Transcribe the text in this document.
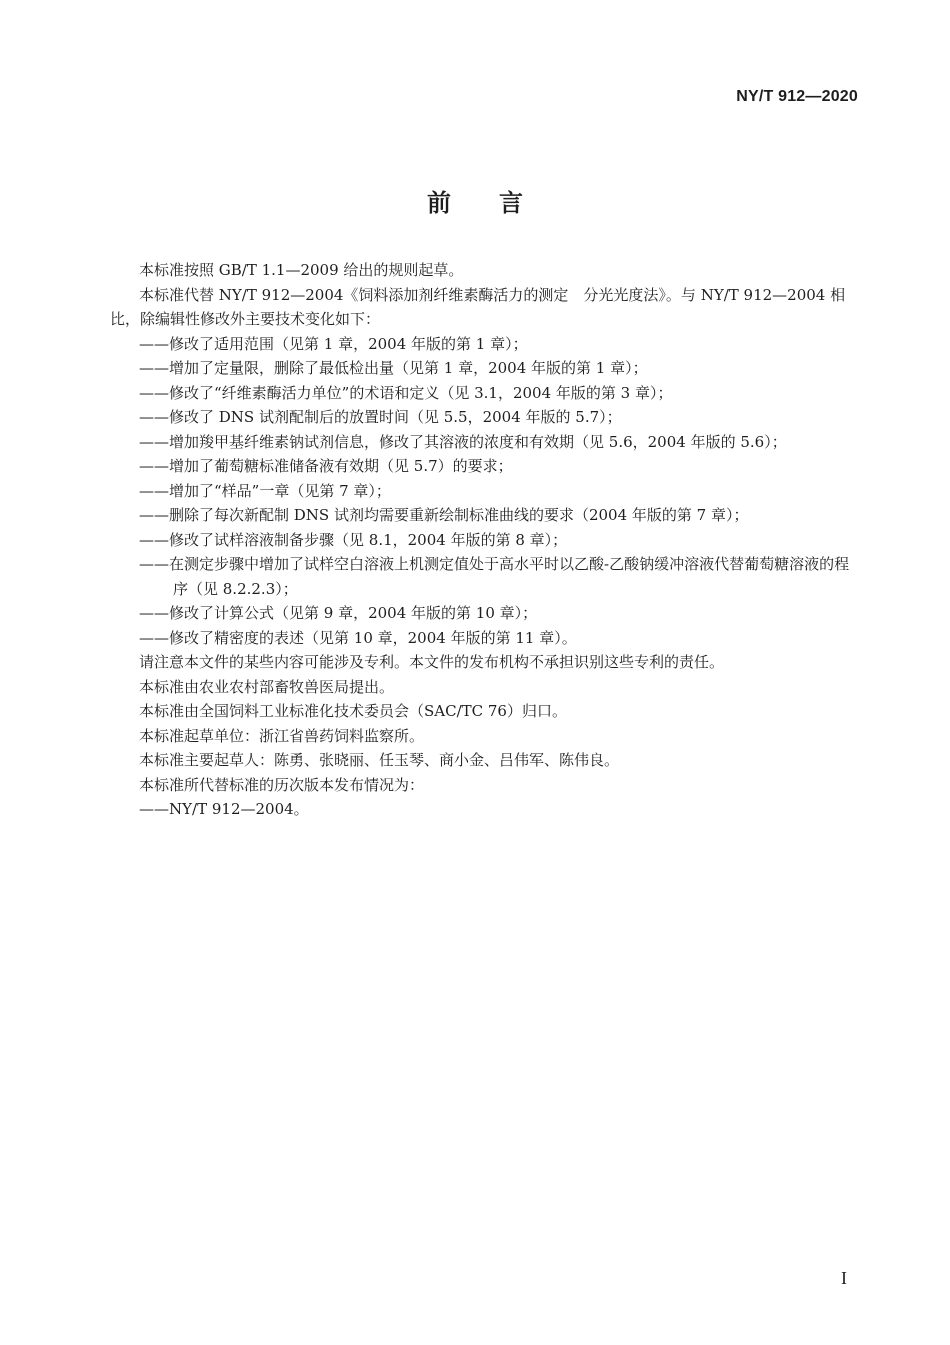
NY/T 912—2020
前 言

本标准按照 GB/T 1.1—2009 给出的规则起草。

本标准代替 NY/T 912—2004《饲料添加剂纤维素酶活力的测定　分光光度法》。与 NY/T 912—2004 相比，除编辑性修改外主要技术变化如下：

——修改了适用范围（见第 1 章，2004 年版的第 1 章）；

——增加了定量限，删除了最低检出量（见第 1 章，2004 年版的第 1 章）；

——修改了“纤维素酶活力单位”的术语和定义（见 3.1，2004 年版的第 3 章）；

——修改了 DNS 试剂配制后的放置时间（见 5.5，2004 年版的 5.7）；

——增加羧甲基纤维素钠试剂信息，修改了其溶液的浓度和有效期（见 5.6，2004 年版的 5.6）；

——增加了葡萄糖标准储备液有效期（见 5.7）的要求；

——增加了“样品”一章（见第 7 章）；

——删除了每次新配制 DNS 试剂均需要重新绘制标准曲线的要求（2004 年版的第 7 章）；

——修改了试样溶液制备步骤（见 8.1，2004 年版的第 8 章）；

——在测定步骤中增加了试样空白溶液上机测定值处于高水平时以乙酸-乙酸钠缓冲溶液代替葡萄糖溶液的程序（见 8.2.2.3）；

——修改了计算公式（见第 9 章，2004 年版的第 10 章）；

——修改了精密度的表述（见第 10 章，2004 年版的第 11 章）。

请注意本文件的某些内容可能涉及专利。本文件的发布机构不承担识别这些专利的责任。

本标准由农业农村部畜牧兽医局提出。

本标准由全国饲料工业标准化技术委员会（SAC/TC 76）归口。

本标准起草单位：浙江省兽药饲料监察所。

本标准主要起草人：陈勇、张晓丽、任玉琴、商小金、吕伟军、陈伟良。

本标准所代替标准的历次版本发布情况为：

——NY/T 912—2004。

I
